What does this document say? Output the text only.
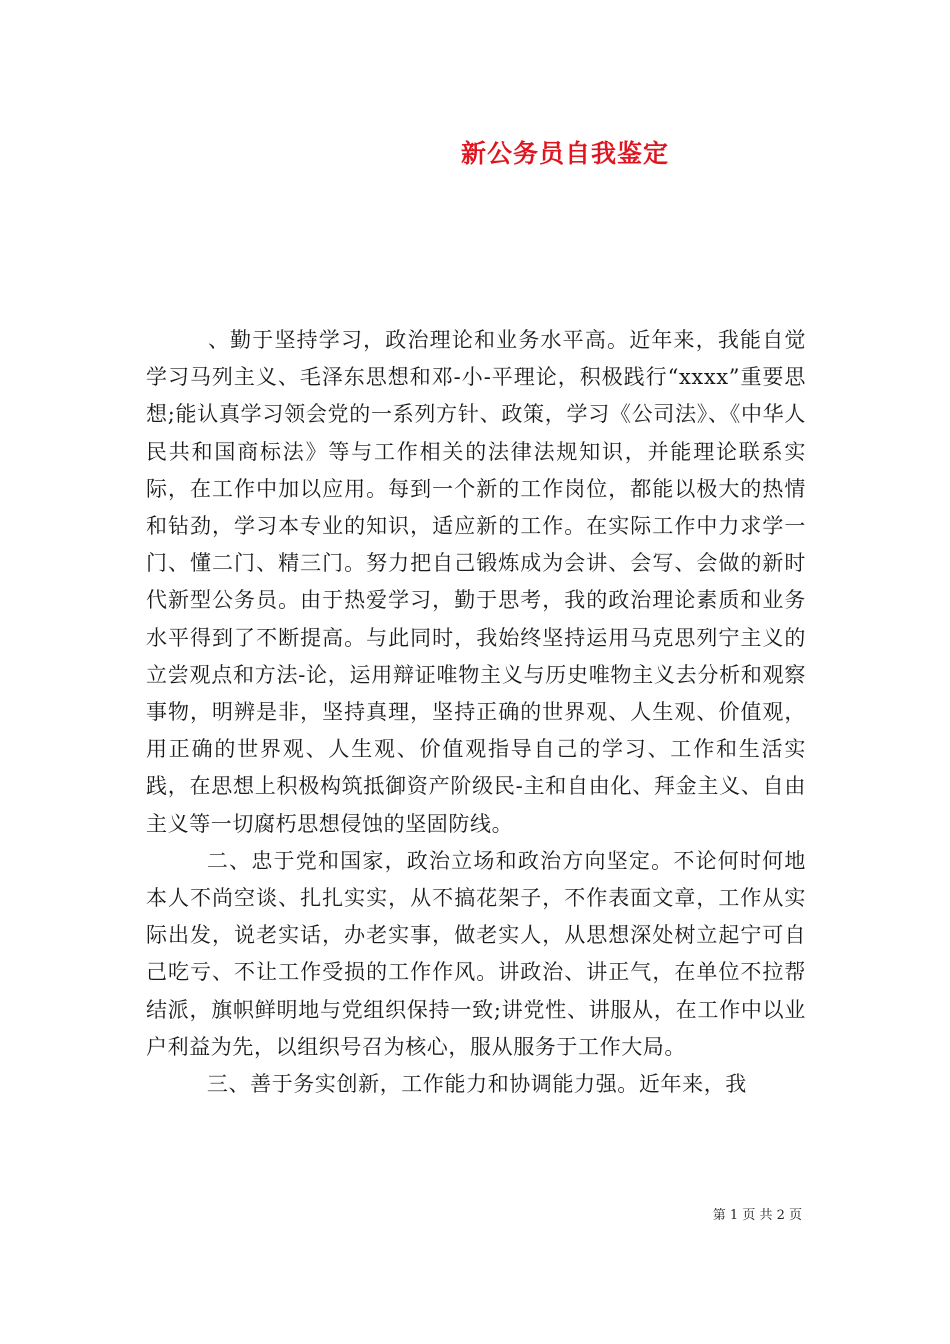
新公务员自我鉴定

、勤于坚持学习，政治理论和业务水平高。近年来，我能自觉学习马列主义、毛泽东思想和邓-小-平理论，积极践行“xxxx”重要思想;能认真学习领会党的一系列方针、政策，学习《公司法》、《中华人民共和国商标法》等与工作相关的法律法规知识，并能理论联系实际，在工作中加以应用。每到一个新的工作岗位，都能以极大的热情和钻劲，学习本专业的知识，适应新的工作。在实际工作中力求学一门、懂二门、精三门。努力把自己锻炼成为会讲、会写、会做的新时代新型公务员。由于热爱学习，勤于思考，我的政治理论素质和业务水平得到了不断提高。与此同时，我始终坚持运用马克思列宁主义的立尝观点和方法-论，运用辩证唯物主义与历史唯物主义去分析和观察事物，明辨是非，坚持真理，坚持正确的世界观、人生观、价值观，用正确的世界观、人生观、价值观指导自己的学习、工作和生活实践，在思想上积极构筑抵御资产阶级民-主和自由化、拜金主义、自由主义等一切腐朽思想侵蚀的坚固防线。

二、忠于党和国家，政治立场和政治方向坚定。不论何时何地本人不尚空谈、扎扎实实，从不搞花架子，不作表面文章，工作从实际出发，说老实话，办老实事，做老实人，从思想深处树立起宁可自己吃亏、不让工作受损的工作作风。讲政治、讲正气，在单位不拉帮结派，旗帜鲜明地与党组织保持一致;讲党性、讲服从，在工作中以业户利益为先，以组织号召为核心，服从服务于工作大局。

三、善于务实创新，工作能力和协调能力强。近年来，我

第 1 页 共 2 页
